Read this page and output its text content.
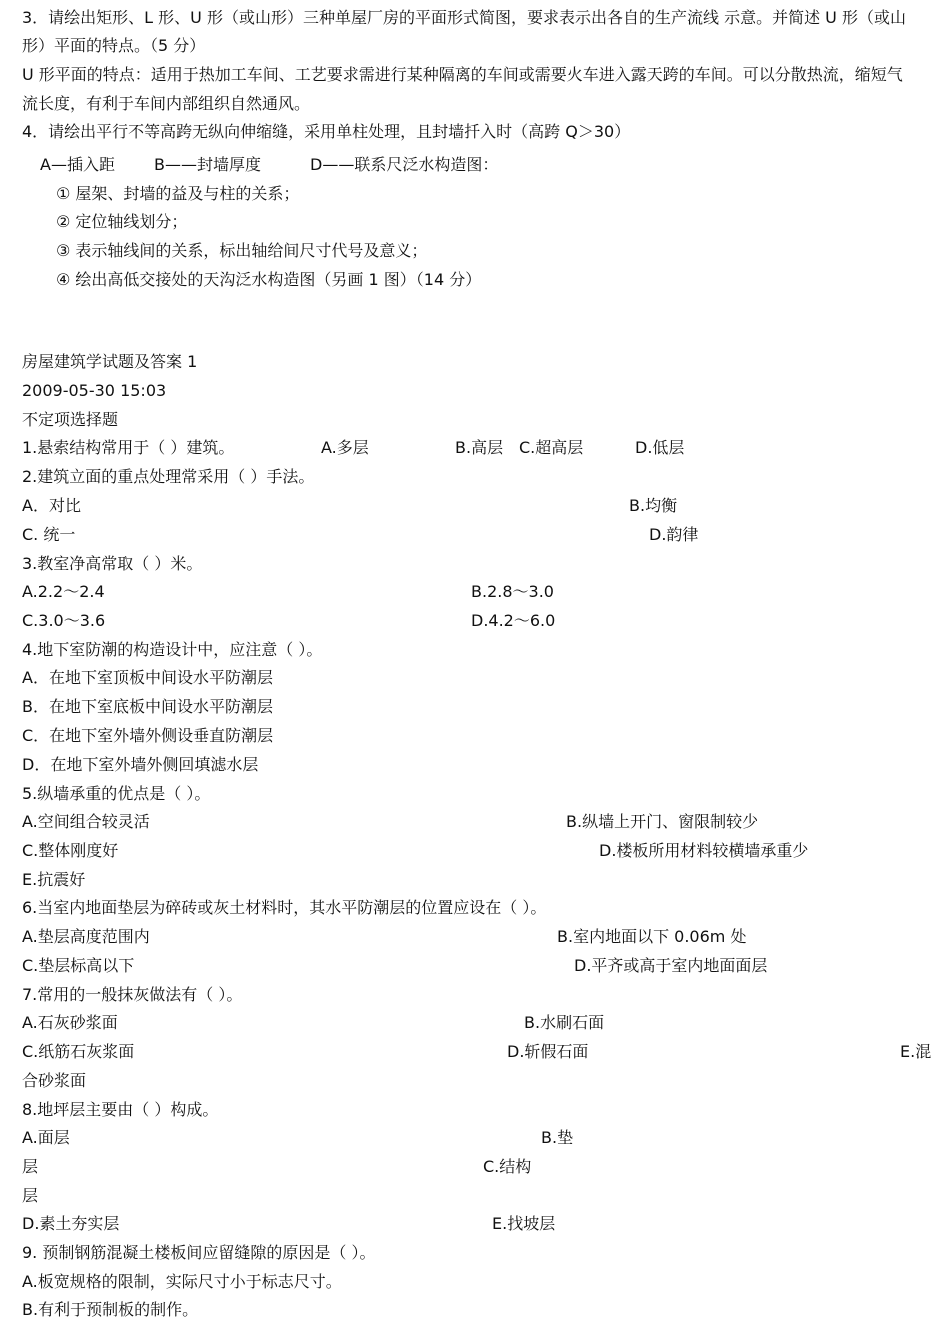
3．请绘出矩形、L 形、U 形（或山形）三种单屋厂房的平面形式简图，要求表示出各自的生产流线 示意。并简述 U 形（或山
形）平面的特点。（5 分）
U 形平面的特点：适用于热加工车间、工艺要求需进行某种隔离的车间或需要火车进入露天跨的车间。可以分散热流，缩短气
流长度，有利于车间内部组织自然通风。
4．请绘出平行不等高跨无纵向伸缩缝，采用单柱处理，且封墙扦入时（高跨 Q＞30）
A—插入距 B——封墙厚度	D——联系尺泛水构造图：
① 屋架、封墙的益及与柱的关系；
② 定位轴线划分；
③ 表示轴线间的关系，标出轴给间尺寸代号及意义；
④ 绘出高低交接处的天沟泛水构造图（另画 1 图）（14 分）
房屋建筑学试题及答案 1
2009-05-30 15:03
不定项选择题
1.悬索结构常用于（ ）建筑。	A.多层	B.高层 C.超高层	D.低层
2.建筑立面的重点处理常采用（ ）手法。
A．对比	B.均衡
C. 统一	D.韵律
3.教室净高常取（ ）米。
A.2.2～2.4	B.2.8～3.0
C.3.0～3.6	D.4.2～6.0
4.地下室防潮的构造设计中，应注意（ ）。
A．在地下室顶板中间设水平防潮层
B．在地下室底板中间设水平防潮层
C．在地下室外墙外侧设垂直防潮层
D．在地下室外墙外侧回填滤水层
5.纵墙承重的优点是（ ）。
A.空间组合较灵活	B.纵墙上开门、窗限制较少
C.整体刚度好	D.楼板所用材料较横墙承重少
E.抗震好
6.当室内地面垫层为碎砖或灰土材料时，其水平防潮层的位置应设在（ ）。
A.垫层高度范围内	B.室内地面以下 0.06m 处
C.垫层标高以下	D.平齐或高于室内地面面层
7.常用的一般抹灰做法有（ ）。
A.石灰砂浆面	B.水刷石面
C.纸筋石灰浆面	D.斩假石面	E.混
合砂浆面
8.地坪层主要由（ ）构成。
A.面层	B.垫
层	C.结构
层
D.素土夯实层	E.找坡层
9. 预制钢筋混凝土楼板间应留缝隙的原因是（ ）。
A.板宽规格的限制，实际尺寸小于标志尺寸。
B.有利于预制板的制作。
